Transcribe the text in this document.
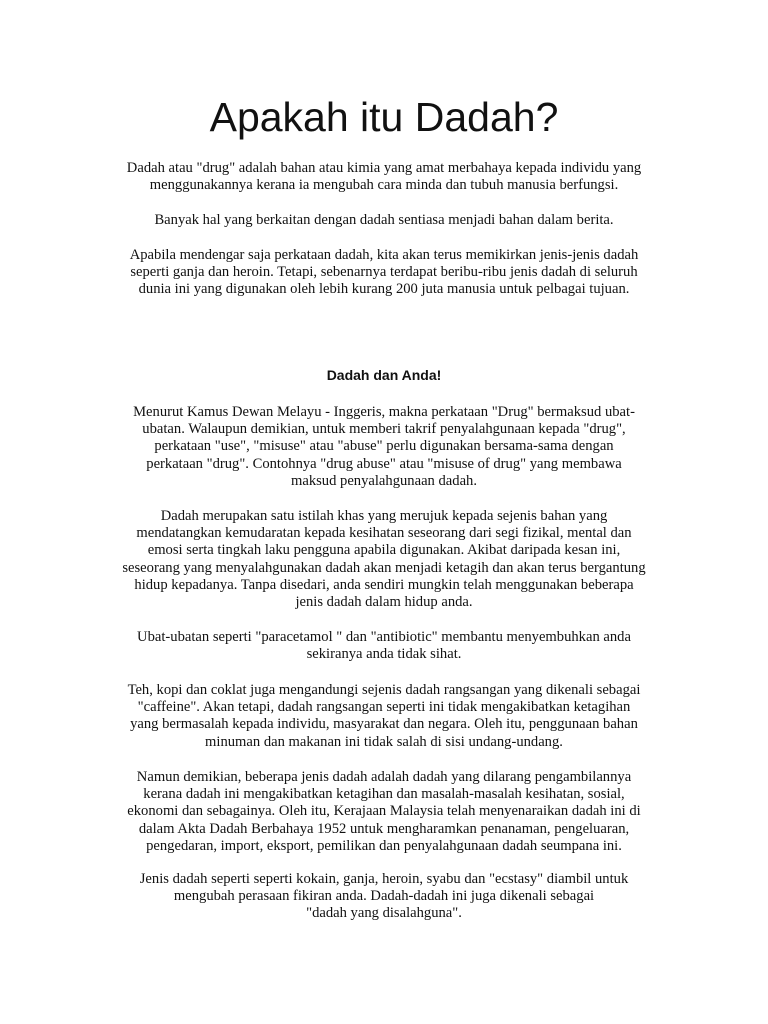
Apakah itu Dadah?

Dadah atau "drug" adalah bahan atau kimia yang amat merbahaya kepada individu yang
menggunakannya kerana ia mengubah cara minda dan tubuh manusia berfungsi.

Banyak hal yang berkaitan dengan dadah sentiasa menjadi bahan dalam berita.

Apabila mendengar saja perkataan dadah, kita akan terus memikirkan jenis-jenis dadah
seperti ganja dan heroin. Tetapi, sebenarnya terdapat beribu-ribu jenis dadah di seluruh
dunia ini yang digunakan oleh lebih kurang 200 juta manusia untuk pelbagai tujuan.

Dadah dan Anda!

Menurut Kamus Dewan Melayu - Inggeris, makna perkataan "Drug" bermaksud ubat-
ubatan. Walaupun demikian, untuk memberi takrif penyalahgunaan kepada "drug",
perkataan "use", "misuse" atau "abuse" perlu digunakan bersama-sama dengan
perkataan "drug". Contohnya "drug abuse" atau "misuse of drug" yang membawa
maksud penyalahgunaan dadah.

Dadah merupakan satu istilah khas yang merujuk kepada sejenis bahan yang
mendatangkan kemudaratan kepada kesihatan seseorang dari segi fizikal, mental dan
emosi serta tingkah laku pengguna apabila digunakan. Akibat daripada kesan ini,
seseorang yang menyalahgunakan dadah akan menjadi ketagih dan akan terus bergantung
hidup kepadanya. Tanpa disedari, anda sendiri mungkin telah menggunakan beberapa
jenis dadah dalam hidup anda.

Ubat-ubatan seperti "paracetamol " dan "antibiotic" membantu menyembuhkan anda
sekiranya anda tidak sihat.

Teh, kopi dan coklat juga mengandungi sejenis dadah rangsangan yang dikenali sebagai
"caffeine". Akan tetapi, dadah rangsangan seperti ini tidak mengakibatkan ketagihan
yang bermasalah kepada individu, masyarakat dan negara. Oleh itu, penggunaan bahan
minuman dan makanan ini tidak salah di sisi undang-undang.

Namun demikian, beberapa jenis dadah adalah dadah yang dilarang pengambilannya
kerana dadah ini mengakibatkan ketagihan dan masalah-masalah kesihatan, sosial,
ekonomi dan sebagainya. Oleh itu, Kerajaan Malaysia telah menyenaraikan dadah ini di
dalam Akta Dadah Berbahaya 1952 untuk mengharamkan penanaman, pengeluaran,
pengedaran, import, eksport, pemilikan dan penyalahgunaan dadah seumpana ini.

Jenis dadah seperti seperti kokain, ganja, heroin, syabu dan "ecstasy" diambil untuk
mengubah perasaan fikiran anda. Dadah-dadah ini juga dikenali sebagai
"dadah yang disalahguna".
